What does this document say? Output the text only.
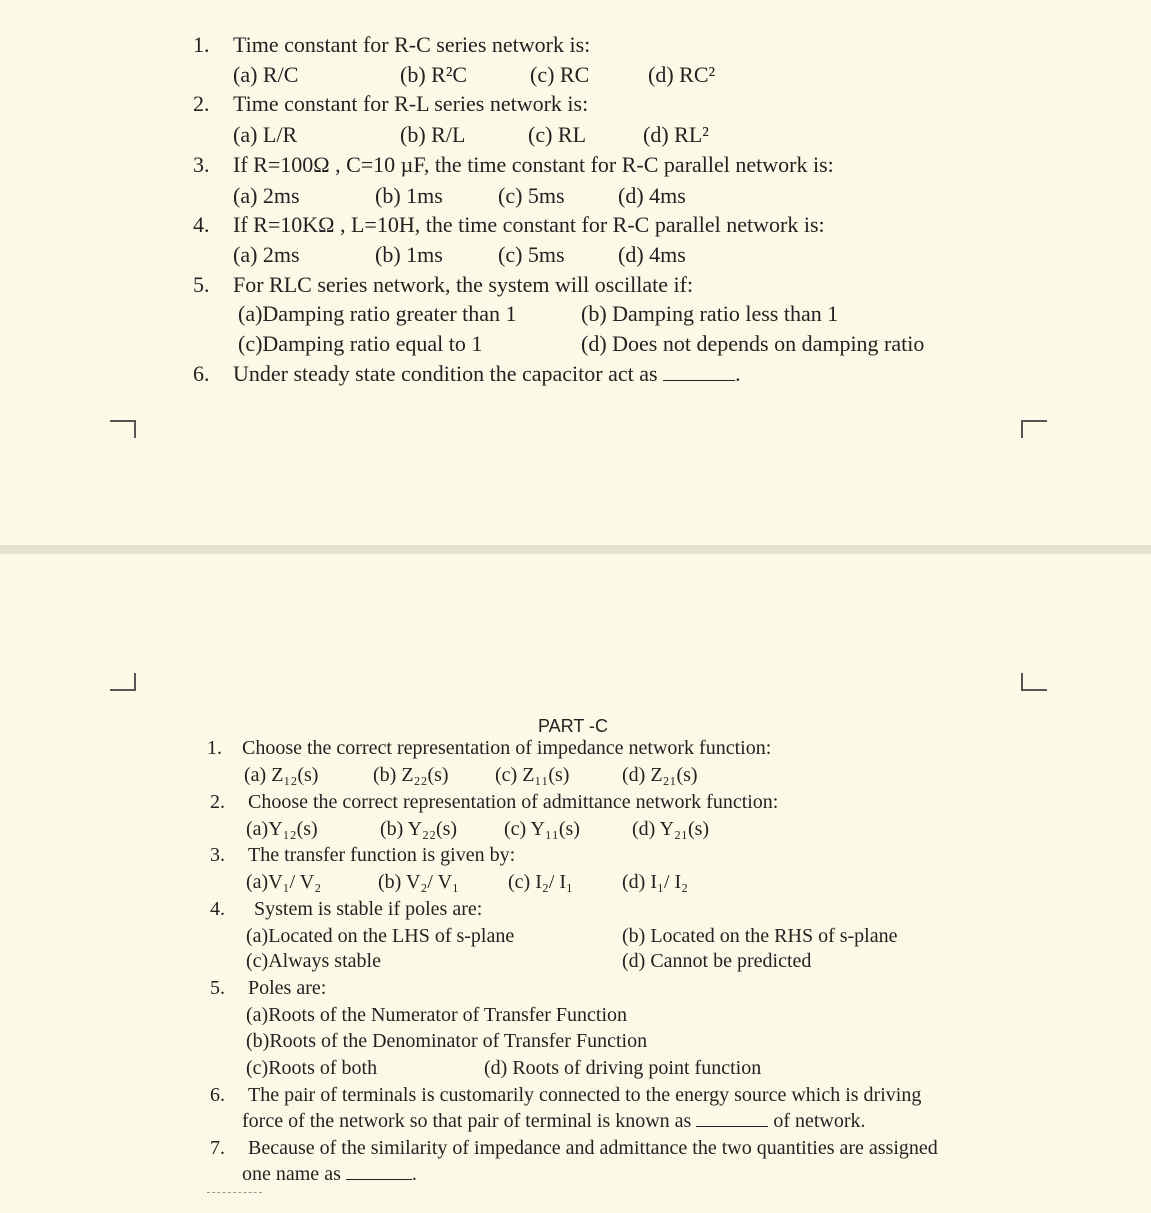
1. Time constant for R-C series network is:
(a) R/C	(b) R²C	(c) RC	(d) RC²
2. Time constant for R-L series network is:
(a) L/R	(b) R/L	(c) RL	(d) RL²
3. If R=100Ω , C=10 µF, the time constant for R-C parallel network is:
(a) 2ms	(b) 1ms	(c) 5ms (d) 4ms
4. If R=10KΩ , L=10H, the time constant for R-C parallel network is:
(a) 2ms	(b) 1ms	(c) 5ms (d) 4ms
5. For RLC series network, the system will oscillate if:
(a)Damping ratio greater than 1	(b) Damping ratio less than 1
(c)Damping ratio equal to 1	(d) Does not depends on damping ratio
6. Under steady state condition the capacitor act as	.
PART -C
1. Choose the correct representation of impedance network function:
(a) Z₁₂(s)	(b) Z₂₂(s) (c) Z₁₁(s)	(d) Z₂₁(s)
2. Choose the correct representation of admittance network function:
(a)Y₁₂(s)	(b) Y₂₂(s) (c) Y₁₁(s)	(d) Y₂₁(s)
3. The transfer function is given by:
(a)V₁/ V₂	(b) V₂/ V₁ (c) I₂/ I₁ (d) I₁/ I₂
4. System is stable if poles are:
(a)Located on the LHS of s-plane	(b) Located on the RHS of s-plane
(c)Always stable	(d) Cannot be predicted
5. Poles are:
(a)Roots of the Numerator of Transfer Function
(b)Roots of the Denominator of Transfer Function
(c)Roots of both	(d) Roots of driving point function
6. The pair of terminals is customarily connected to the energy source which is driving
force of the network so that pair of terminal is known as	of network.
7. Because of the similarity of impedance and admittance the two quantities are assigned
one name as	.
